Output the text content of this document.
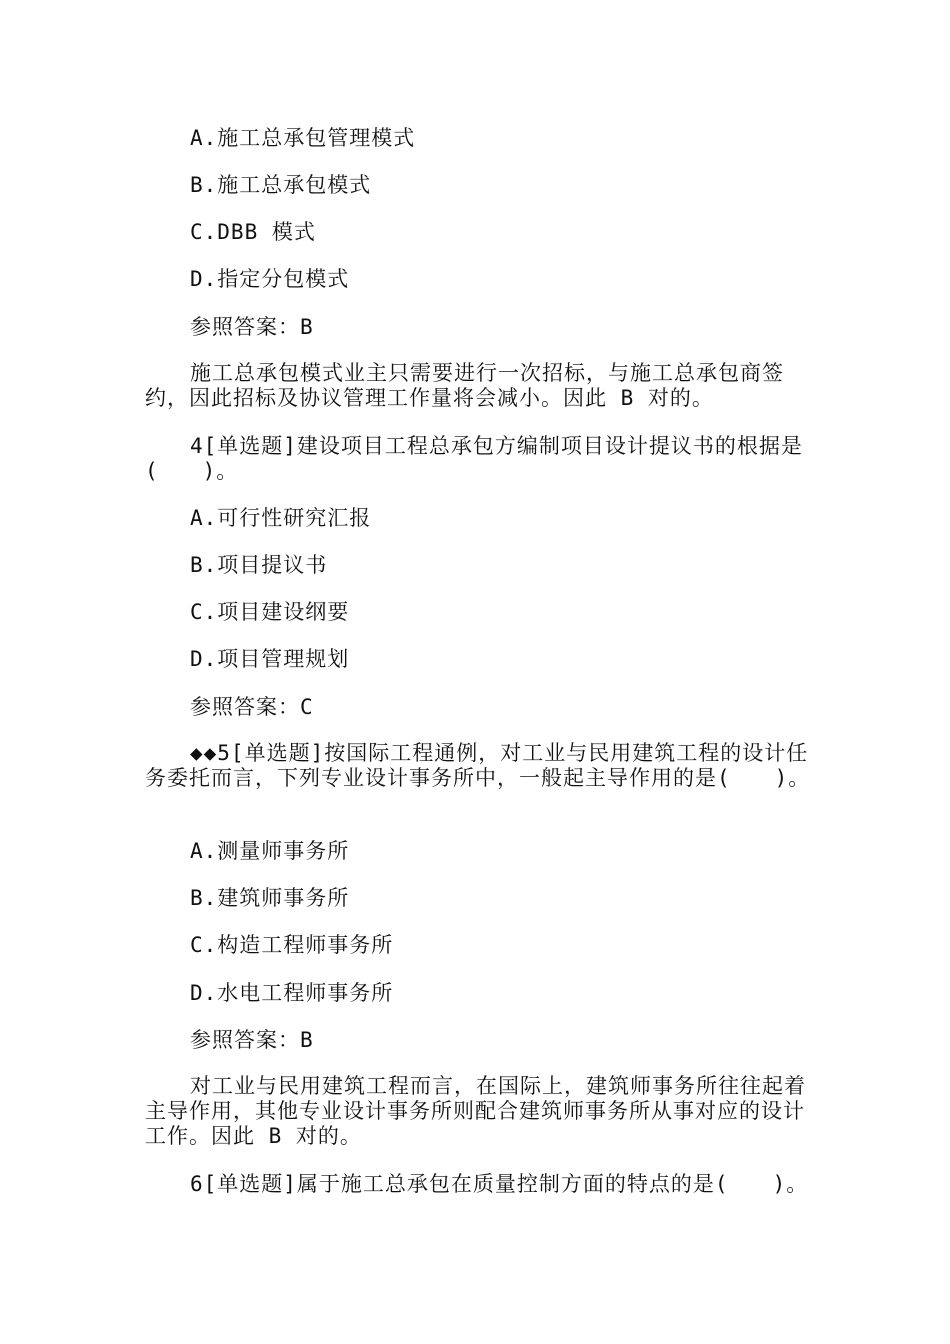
A.施工总承包管理模式
B.施工总承包模式
C.DBB 模式
D.指定分包模式
参照答案：B
施工总承包模式业主只需要进行一次招标，与施工总承包商签约，因此招标及协议管理工作量将会减小。因此 B 对的。
4[单选题]建设项目工程总承包方编制项目设计提议书的根据是(　　)。
A.可行性研究汇报
B.项目提议书
C.项目建设纲要
D.项目管理规划
参照答案：C
◆◆5[单选题]按国际工程通例，对工业与民用建筑工程的设计任务委托而言，下列专业设计事务所中，一般起主导作用的是(　　)。
A.测量师事务所
B.建筑师事务所
C.构造工程师事务所
D.水电工程师事务所
参照答案：B
对工业与民用建筑工程而言，在国际上，建筑师事务所往往起着主导作用，其他专业设计事务所则配合建筑师事务所从事对应的设计工作。因此 B 对的。
6[单选题]属于施工总承包在质量控制方面的特点的是(　　)。
